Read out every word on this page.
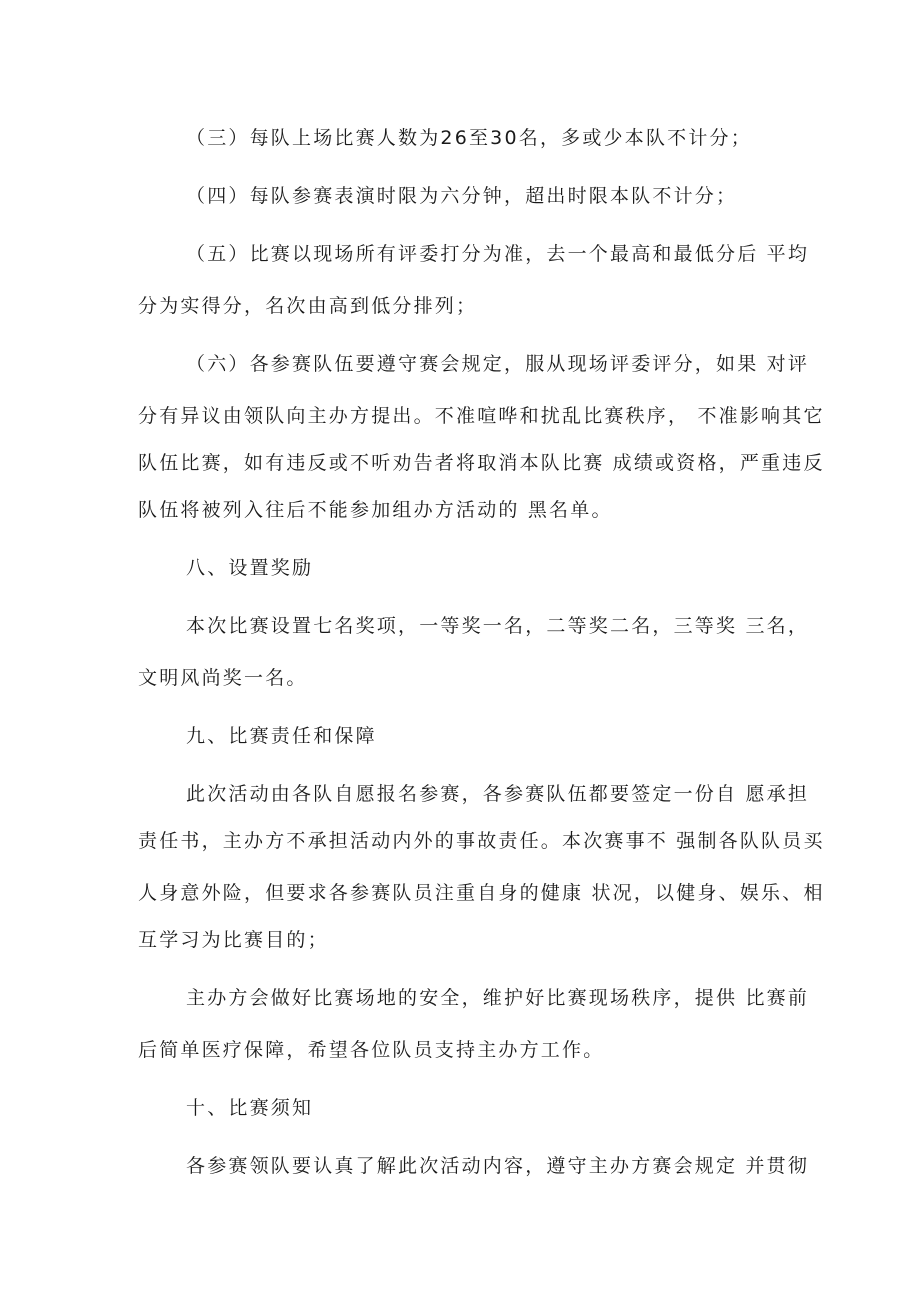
（三）每队上场比赛人数为26至30名，多或少本队不计分；
（四）每队参赛表演时限为六分钟，超出时限本队不计分；
（五）比赛以现场所有评委打分为准，去一个最高和最低分后 平均
分为实得分，名次由高到低分排列；
（六）各参赛队伍要遵守赛会规定，服从现场评委评分，如果 对评
分有异议由领队向主办方提出。不准喧哗和扰乱比赛秩序， 不准影响其它
队伍比赛，如有违反或不听劝告者将取消本队比赛 成绩或资格，严重违反
队伍将被列入往后不能参加组办方活动的 黑名单。
八、设置奖励
本次比赛设置七名奖项，一等奖一名，二等奖二名，三等奖 三名，
文明风尚奖一名。
九、比赛责任和保障
此次活动由各队自愿报名参赛，各参赛队伍都要签定一份自 愿承担
责任书，主办方不承担活动内外的事故责任。本次赛事不 强制各队队员买
人身意外险，但要求各参赛队员注重自身的健康 状况，以健身、娱乐、相
互学习为比赛目的；
主办方会做好比赛场地的安全，维护好比赛现场秩序，提供 比赛前
后简单医疗保障，希望各位队员支持主办方工作。
十、比赛须知
各参赛领队要认真了解此次活动内容，遵守主办方赛会规定 并贯彻
